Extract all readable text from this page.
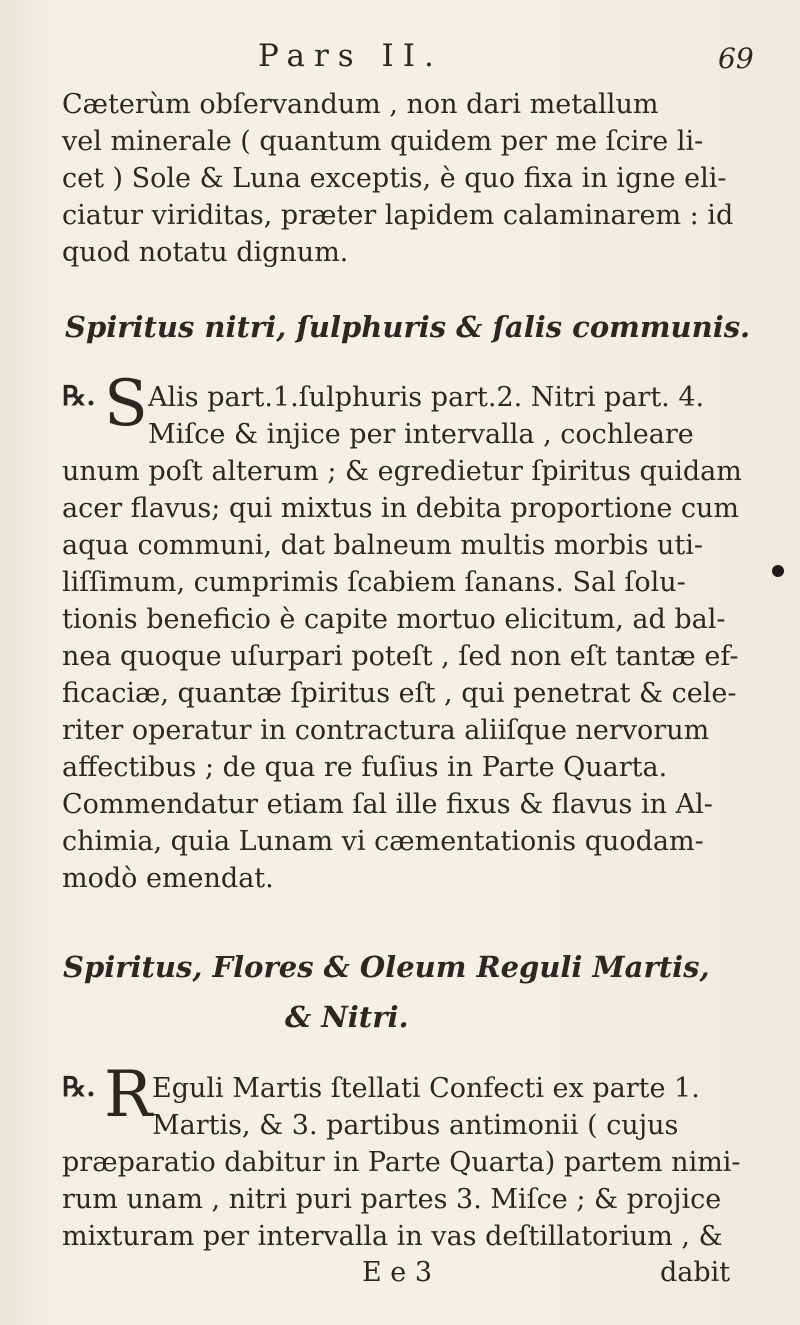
Pars II.	69
Cæterùm obſervandum , non dari metallum
vel minerale ( quantum quidem per me ſcire li-
cet ) Sole & Luna exceptis, è quo fixa in igne eli-
ciatur viriditas, præter lapidem calaminarem : id
quod notatu dignum.
Spiritus nitri, ſulphuris & ſalis communis.
℞. S Alis part.1.ſulphuris part.2. Nitri part. 4.
Miſce & injice per intervalla , cochleare
unum poſt alterum ; & egredietur ſpiritus quidam
acer flavus; qui mixtus in debita proportione cum
aqua communi, dat balneum multis morbis uti-
liſſimum, cumprimis ſcabiem ſanans. Sal ſolu-
tionis beneficio è capite mortuo elicitum, ad bal-
nea quoque uſurpari poteſt , ſed non eſt tantæ ef-
ficaciæ, quantæ ſpiritus eſt , qui penetrat & cele-
riter operatur in contractura aliiſque nervorum
affectibus ; de qua re fuſius in Parte Quarta.
Commendatur etiam ſal ille fixus & flavus in Al-
chimia, quia Lunam vi cæmentationis quodam-
modò emendat.
Spiritus, Flores & Oleum Reguli Martis,
& Nitri.
℞. R Eguli Martis ſtellati Confecti ex parte 1.
Martis, & 3. partibus antimonii ( cujus
præparatio dabitur in Parte Quarta) partem nimi-
rum unam , nitri puri partes 3. Miſce ; & projice
mixturam per intervalla in vas deſtillatorium , &
E e 3	dabit
